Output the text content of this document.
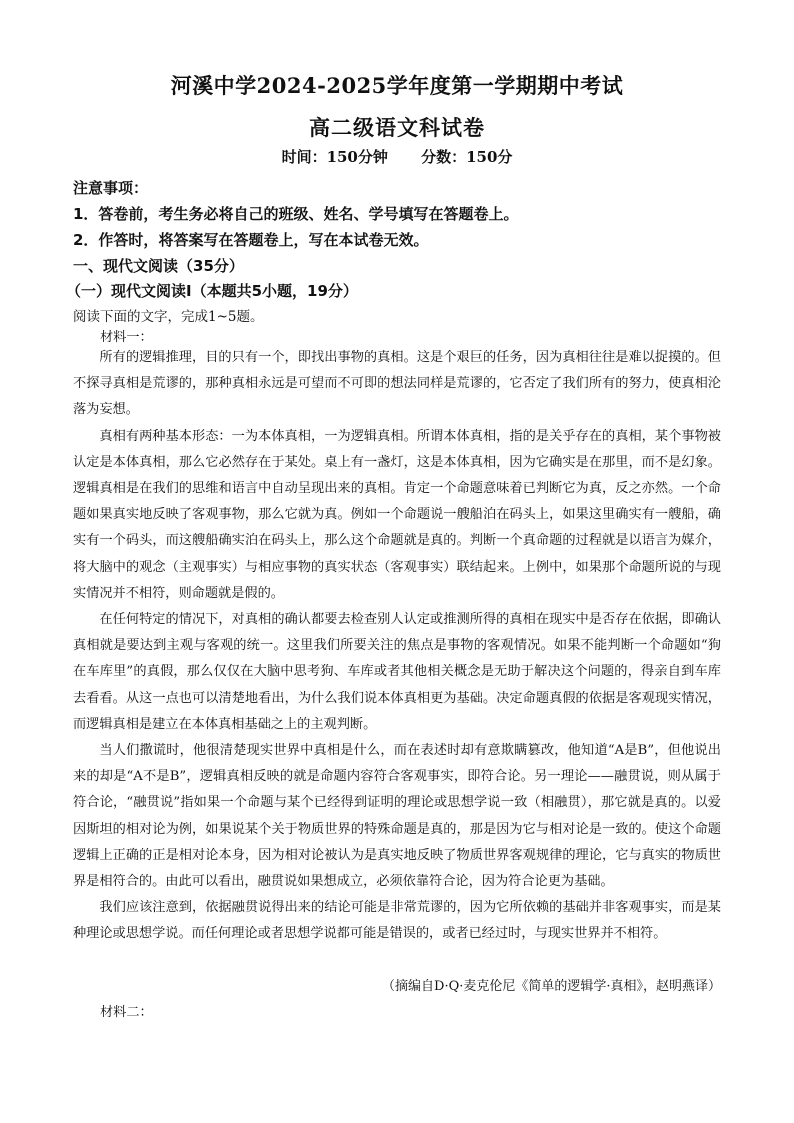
河溪中学2024-2025学年度第一学期期中考试
高二级语文科试卷
时间：150分钟 分数：150分
注意事项：
1．答卷前，考生务必将自己的班级、姓名、学号填写在答题卷上。
2．作答时，将答案写在答题卷上，写在本试卷无效。
一、现代文阅读（35分）
（一）现代文阅读I（本题共5小题，19分）
阅读下面的文字，完成1~5题。
材料一：

所有的逻辑推理，目的只有一个，即找出事物的真相。这是个艰巨的任务，因为真相往往是难以捉摸的。但不探寻真相是荒谬的，那种真相永远是可望而不可即的想法同样是荒谬的，它否定了我们所有的努力，使真相沦落为妄想。

真相有两种基本形态：一为本体真相，一为逻辑真相。所谓本体真相，指的是关乎存在的真相，某个事物被认定是本体真相，那么它必然存在于某处。桌上有一盏灯，这是本体真相，因为它确实是在那里，而不是幻象。逻辑真相是在我们的思维和语言中自动呈现出来的真相。肯定一个命题意味着已判断它为真，反之亦然。一个命题如果真实地反映了客观事物，那么它就为真。例如一个命题说一艘船泊在码头上，如果这里确实有一艘船，确实有一个码头，而这艘船确实泊在码头上，那么这个命题就是真的。判断一个真命题的过程就是以语言为媒介，将大脑中的观念（主观事实）与相应事物的真实状态（客观事实）联结起来。上例中，如果那个命题所说的与现实情况并不相符，则命题就是假的。

在任何特定的情况下，对真相的确认都要去检查别人认定或推测所得的真相在现实中是否存在依据，即确认真相就是要达到主观与客观的统一。这里我们所要关注的焦点是事物的客观情况。如果不能判断一个命题如“狗在车库里”的真假，那么仅仅在大脑中思考狗、车库或者其他相关概念是无助于解决这个问题的，得亲自到车库去看看。从这一点也可以清楚地看出，为什么我们说本体真相更为基础。决定命题真假的依据是客观现实情况，而逻辑真相是建立在本体真相基础之上的主观判断。

当人们撒谎时，他很清楚现实世界中真相是什么，而在表述时却有意欺瞒篡改，他知道“A是B”，但他说出来的却是“A不是B”，逻辑真相反映的就是命题内容符合客观事实，即符合论。另一理论——融贯说，则从属于符合论，“融贯说”指如果一个命题与某个已经得到证明的理论或思想学说一致（相融贯），那它就是真的。以爱因斯坦的相对论为例，如果说某个关于物质世界的特殊命题是真的，那是因为它与相对论是一致的。使这个命题逻辑上正确的正是相对论本身，因为相对论被认为是真实地反映了物质世界客观规律的理论，它与真实的物质世界是相符合的。由此可以看出，融贯说如果想成立，必须依靠符合论，因为符合论更为基础。

我们应该注意到，依据融贯说得出来的结论可能是非常荒谬的，因为它所依赖的基础并非客观事实，而是某种理论或思想学说。而任何理论或者思想学说都可能是错误的，或者已经过时，与现实世界并不相符。

（摘编自D·Q·麦克伦尼《简单的逻辑学·真相》，赵明燕译）
材料二：
